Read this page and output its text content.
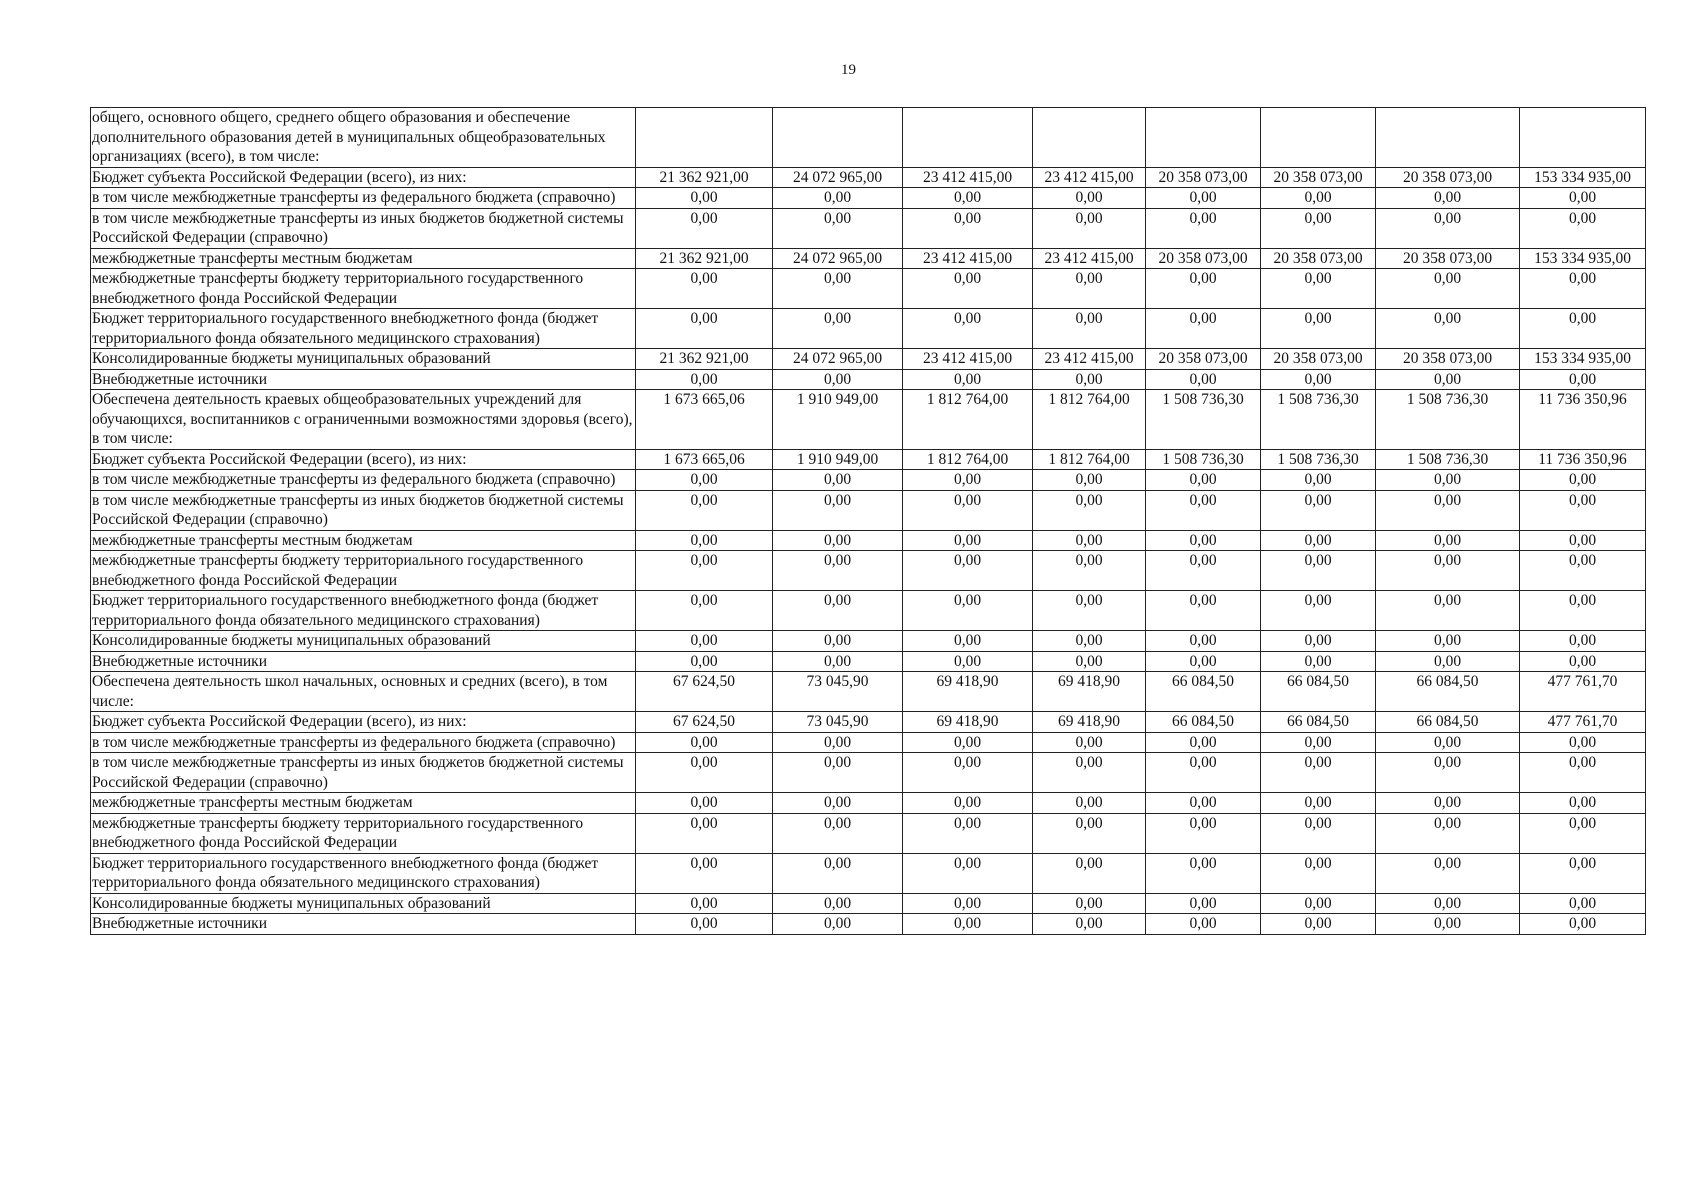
19
общего, основного общего, среднего общего образования и обеспечение дополнительного образования детей в муниципальных общеобразовательных организациях (всего), в том числе:								
Бюджет субъекта Российской Федерации (всего), из них:	21 362 921,00	24 072 965,00	23 412 415,00	23 412 415,00	20 358 073,00	20 358 073,00	20 358 073,00	153 334 935,00
в том числе межбюджетные трансферты из федерального бюджета (справочно)	0,00	0,00	0,00	0,00	0,00	0,00	0,00	0,00
в том числе межбюджетные трансферты из иных бюджетов бюджетной системы Российской Федерации (справочно)	0,00	0,00	0,00	0,00	0,00	0,00	0,00	0,00
межбюджетные трансферты местным бюджетам	21 362 921,00	24 072 965,00	23 412 415,00	23 412 415,00	20 358 073,00	20 358 073,00	20 358 073,00	153 334 935,00
межбюджетные трансферты бюджету территориального государственного внебюджетного фонда Российской Федерации	0,00	0,00	0,00	0,00	0,00	0,00	0,00	0,00
Бюджет территориального государственного внебюджетного фонда (бюджет территориального фонда обязательного медицинского страхования)	0,00	0,00	0,00	0,00	0,00	0,00	0,00	0,00
Консолидированные бюджеты муниципальных образований	21 362 921,00	24 072 965,00	23 412 415,00	23 412 415,00	20 358 073,00	20 358 073,00	20 358 073,00	153 334 935,00
Внебюджетные источники	0,00	0,00	0,00	0,00	0,00	0,00	0,00	0,00
Обеспечена деятельность краевых общеобразовательных учреждений для обучающихся, воспитанников с ограниченными возможностями здоровья (всего), в том числе:	1 673 665,06	1 910 949,00	1 812 764,00	1 812 764,00	1 508 736,30	1 508 736,30	1 508 736,30	11 736 350,96
Бюджет субъекта Российской Федерации (всего), из них:	1 673 665,06	1 910 949,00	1 812 764,00	1 812 764,00	1 508 736,30	1 508 736,30	1 508 736,30	11 736 350,96
в том числе межбюджетные трансферты из федерального бюджета (справочно)	0,00	0,00	0,00	0,00	0,00	0,00	0,00	0,00
в том числе межбюджетные трансферты из иных бюджетов бюджетной системы Российской Федерации (справочно)	0,00	0,00	0,00	0,00	0,00	0,00	0,00	0,00
межбюджетные трансферты местным бюджетам	0,00	0,00	0,00	0,00	0,00	0,00	0,00	0,00
межбюджетные трансферты бюджету территориального государственного внебюджетного фонда Российской Федерации	0,00	0,00	0,00	0,00	0,00	0,00	0,00	0,00
Бюджет территориального государственного внебюджетного фонда (бюджет территориального фонда обязательного медицинского страхования)	0,00	0,00	0,00	0,00	0,00	0,00	0,00	0,00
Консолидированные бюджеты муниципальных образований	0,00	0,00	0,00	0,00	0,00	0,00	0,00	0,00
Внебюджетные источники	0,00	0,00	0,00	0,00	0,00	0,00	0,00	0,00
Обеспечена деятельность школ начальных, основных и средних (всего), в том числе:	67 624,50	73 045,90	69 418,90	69 418,90	66 084,50	66 084,50	66 084,50	477 761,70
Бюджет субъекта Российской Федерации (всего), из них:	67 624,50	73 045,90	69 418,90	69 418,90	66 084,50	66 084,50	66 084,50	477 761,70
в том числе межбюджетные трансферты из федерального бюджета (справочно)	0,00	0,00	0,00	0,00	0,00	0,00	0,00	0,00
в том числе межбюджетные трансферты из иных бюджетов бюджетной системы Российской Федерации (справочно)	0,00	0,00	0,00	0,00	0,00	0,00	0,00	0,00
межбюджетные трансферты местным бюджетам	0,00	0,00	0,00	0,00	0,00	0,00	0,00	0,00
межбюджетные трансферты бюджету территориального государственного внебюджетного фонда Российской Федерации	0,00	0,00	0,00	0,00	0,00	0,00	0,00	0,00
Бюджет территориального государственного внебюджетного фонда (бюджет территориального фонда обязательного медицинского страхования)	0,00	0,00	0,00	0,00	0,00	0,00	0,00	0,00
Консолидированные бюджеты муниципальных образований	0,00	0,00	0,00	0,00	0,00	0,00	0,00	0,00
Внебюджетные источники	0,00	0,00	0,00	0,00	0,00	0,00	0,00	0,00
